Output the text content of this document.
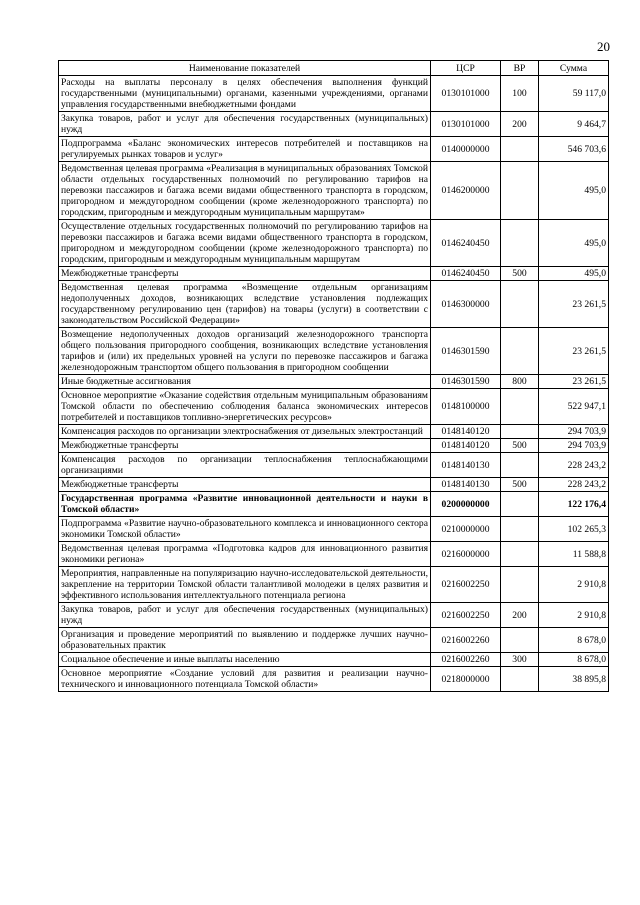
20
Наименование показателей	ЦСР	ВР	Сумма
Расходы на выплаты персоналу в целях обеспечения выполнения функций государственными (муниципальными) органами, казенными учреждениями, органами управления государственными внебюджетными фондами	0130101000	100	59 117,0
Закупка товаров, работ и услуг для обеспечения государственных (муниципальных) нужд	0130101000	200	9 464,7
Подпрограмма «Баланс экономических интересов потребителей и поставщиков на регулируемых рынках товаров и услуг»	0140000000		546 703,6
Ведомственная целевая программа «Реализация в муниципальных образованиях Томской области отдельных государственных полномочий по регулированию тарифов на перевозки пассажиров и багажа всеми видами общественного транспорта в городском, пригородном и междугородном сообщении (кроме железнодорожного транспорта) по городским, пригородным и междугородным муниципальным маршрутам»	0146200000		495,0
Осуществление отдельных государственных полномочий по регулированию тарифов на перевозки пассажиров и багажа всеми видами общественного транспорта в городском, пригородном и междугородном сообщении (кроме железнодорожного транспорта) по городским, пригородным и междугородным муниципальным маршрутам	0146240450		495,0
Межбюджетные трансферты	0146240450	500	495,0
Ведомственная целевая программа «Возмещение отдельным организациям недополученных доходов, возникающих вследствие установления подлежащих государственному регулированию цен (тарифов) на товары (услуги) в соответствии с законодательством Российской Федерации»	0146300000		23 261,5
Возмещение недополученных доходов организаций железнодорожного транспорта общего пользования пригородного сообщения, возникающих вследствие установления тарифов и (или) их предельных уровней на услуги по перевозке пассажиров и багажа железнодорожным транспортом общего пользования в пригородном сообщении	0146301590		23 261,5
Иные бюджетные ассигнования	0146301590	800	23 261,5
Основное мероприятие «Оказание содействия отдельным муниципальным образованиям Томской области по обеспечению соблюдения баланса экономических интересов потребителей и поставщиков топливно-энергетических ресурсов»	0148100000		522 947,1
Компенсация расходов по организации электроснабжения от дизельных электростанций	0148140120		294 703,9
Межбюджетные трансферты	0148140120	500	294 703,9
Компенсация расходов по организации теплоснабжения теплоснабжающими организациями	0148140130		228 243,2
Межбюджетные трансферты	0148140130	500	228 243,2
Государственная программа «Развитие инновационной деятельности и науки в Томской области»	0200000000		122 176,4
Подпрограмма «Развитие научно-образовательного комплекса и инновационного сектора экономики Томской области»	0210000000		102 265,3
Ведомственная целевая программа «Подготовка кадров для инновационного развития экономики региона»	0216000000		11 588,8
Мероприятия, направленные на популяризацию научно-исследовательской деятельности, закрепление на территории Томской области талантливой молодежи в целях развития и эффективного использования интеллектуального потенциала региона	0216002250		2 910,8
Закупка товаров, работ и услуг для обеспечения государственных (муниципальных) нужд	0216002250	200	2 910,8
Организация и проведение мероприятий по выявлению и поддержке лучших научно-образовательных практик	0216002260		8 678,0
Социальное обеспечение и иные выплаты населению	0216002260	300	8 678,0
Основное мероприятие «Создание условий для развития и реализации научно-технического и инновационного потенциала Томской области»	0218000000		38 895,8
